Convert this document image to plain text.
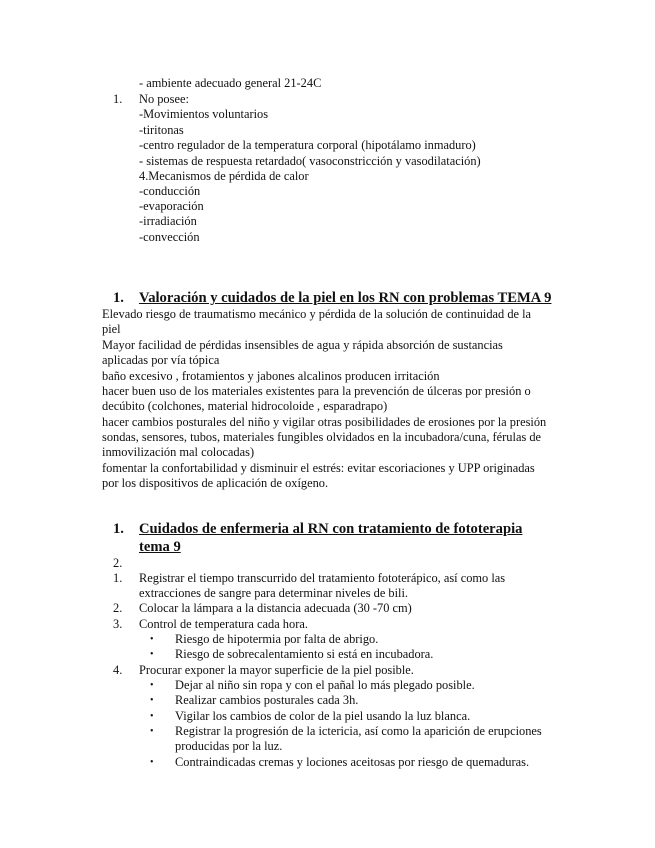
- ambiente adecuado general 21-24C
1. No posee:
-Movimientos voluntarios
-tiritonas
-centro regulador de la temperatura corporal (hipotálamo inmaduro)
- sistemas de respuesta retardado( vasoconstricción y vasodilatación)
4.Mecanismos de pérdida de calor
-conducción
-evaporación
-irradiación
-convección
1. Valoración y cuidados de la piel en los RN con problemas TEMA 9
Elevado riesgo de traumatismo mecánico y pérdida de la solución de continuidad de la
piel
Mayor facilidad de pérdidas insensibles de agua y rápida absorción de sustancias
aplicadas por vía tópica
baño excesivo , frotamientos y jabones alcalinos producen irritación
hacer buen uso de los materiales existentes para la prevención de úlceras por presión o
decúbito (colchones, material hidrocoloide , esparadrapo)
hacer cambios posturales del niño y vigilar otras posibilidades de erosiones por la presión
sondas, sensores, tubos, materiales fungibles olvidados en la incubadora/cuna, férulas de
inmovilización mal colocadas)
fomentar la confortabilidad y disminuir el estrés: evitar escoriaciones y UPP originadas
por los dispositivos de aplicación de oxígeno.
1. Cuidados de enfermeria al RN con tratamiento de fototerapia
tema 9
2.
1. Registrar el tiempo transcurrido del tratamiento fototerápico, así como las
extracciones de sangre para determinar niveles de bili.
2. Colocar la lámpara a la distancia adecuada (30 -70 cm)
3. Control de temperatura cada hora.
• Riesgo de hipotermia por falta de abrigo.
• Riesgo de sobrecalentamiento si está en incubadora.
4. Procurar exponer la mayor superficie de la piel posible.
• Dejar al niño sin ropa y con el pañal lo más plegado posible.
• Realizar cambios posturales cada 3h.
• Vigilar los cambios de color de la piel usando la luz blanca.
• Registrar la progresión de la ictericia, así como la aparición de erupciones
producidas por la luz.
• Contraindicadas cremas y lociones aceitosas por riesgo de quemaduras.
